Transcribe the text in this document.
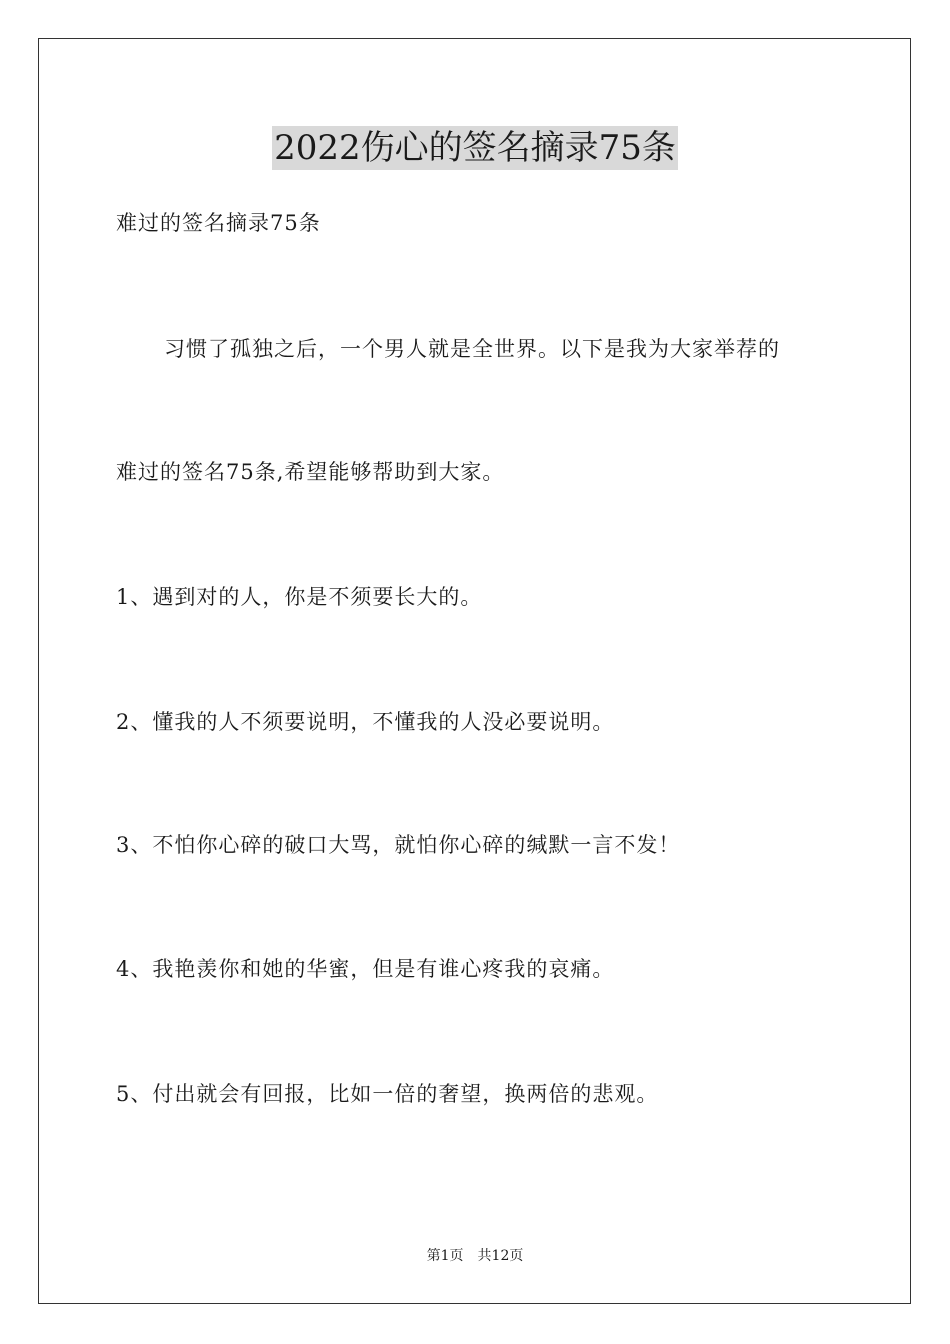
2022伤心的签名摘录75条
难过的签名摘录75条
习惯了孤独之后，一个男人就是全世界。以下是我为大家举荐的
难过的签名75条,希望能够帮助到大家。
1、遇到对的人，你是不须要长大的。
2、懂我的人不须要说明，不懂我的人没必要说明。
3、不怕你心碎的破口大骂，就怕你心碎的缄默一言不发！
4、我艳羡你和她的华蜜，但是有谁心疼我的哀痛。
5、付出就会有回报，比如一倍的奢望，换两倍的悲观。
第1页　共12页
